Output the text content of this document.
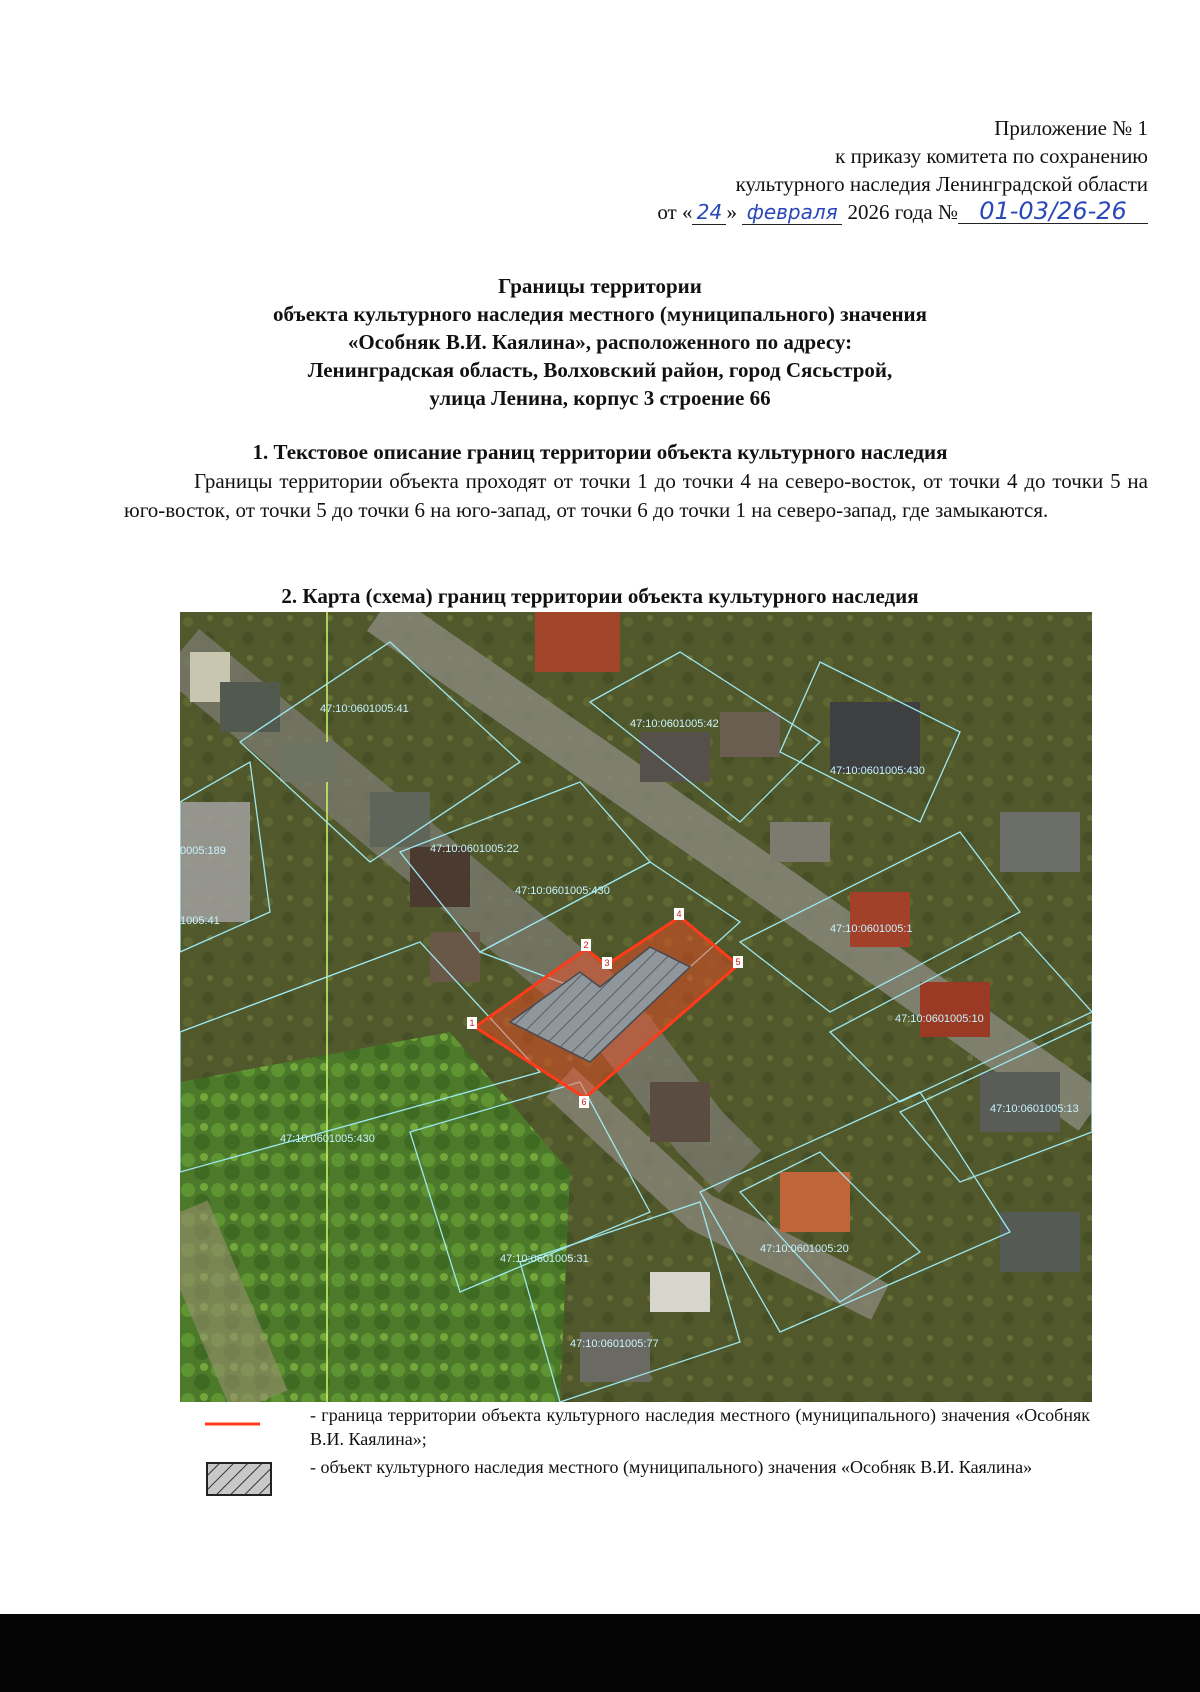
Приложение № 1
к приказу комитета по сохранению
культурного наследия Ленинградской области
от « 24 » февраля 2026 года № 01-03/26-26
Границы территории
объекта культурного наследия местного (муниципального) значения
«Особняк В.И. Каялина», расположенного по адресу:
Ленинградская область, Волховский район, город Сясьстрой,
улица Ленина, корпус 3 строение 66
1. Текстовое описание границ территории объекта культурного наследия
Границы территории объекта проходят от точки 1 до точки 4 на северо-восток, от точки 4 до точки 5 на юго-восток, от точки 5 до точки 6 на юго-запад, от точки 6 до точки 1 на северо-запад, где замыкаются.
2. Карта (схема) границ территории объекта культурного наследия
47:10:0601005:41
47:10:0601005:42
47:10:0601005:430
0005:189
1005:41
47:10:0601005:22
47:10:0601005:430
47:10:0601005:1
47:10:0601005:10
47:10:0601005:13
47:10:0601005:430
47:10:0601005:31
47:10:0601005:20
47:10:0601005:77
1
2
3
4
5
6
- граница территории объекта культурного наследия местного (муниципального) значения «Особняк В.И. Каялина»;
- объект культурного наследия местного (муниципального) значения «Особняк В.И. Каялина»
